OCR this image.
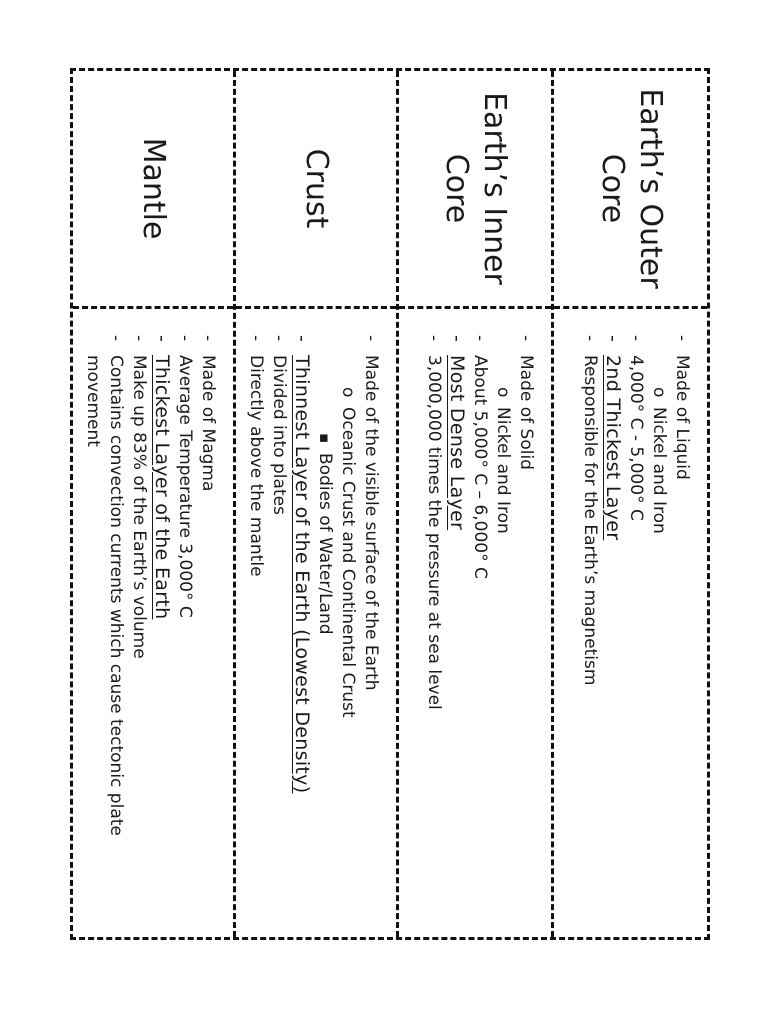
Earth’s Outer
Core
- Made of Liquid
o Nickel and Iron
- 4,000° C - 5,000° C
- 2nd Thickest Layer
- Responsible for the Earth’s magnetism
Earth’s Inner
Core
- Made of Solid
o Nickel and Iron
- About 5,000° C – 6,000° C
- Most Dense Layer
- 3,000,000 times the pressure at sea level
Crust
- Made of the visible surface of the Earth
o Oceanic Crust and Continental Crust
▪ Bodies of Water/Land
- Thinnest Layer of the Earth (Lowest Density)
- Divided into plates
- Directly above the mantle
Mantle
- Made of Magma
- Average Temperature 3,000° C
- Thickest Layer of the Earth
- Make up 83% of the Earth’s volume
- Contains convection currents which cause tectonic plate movement
